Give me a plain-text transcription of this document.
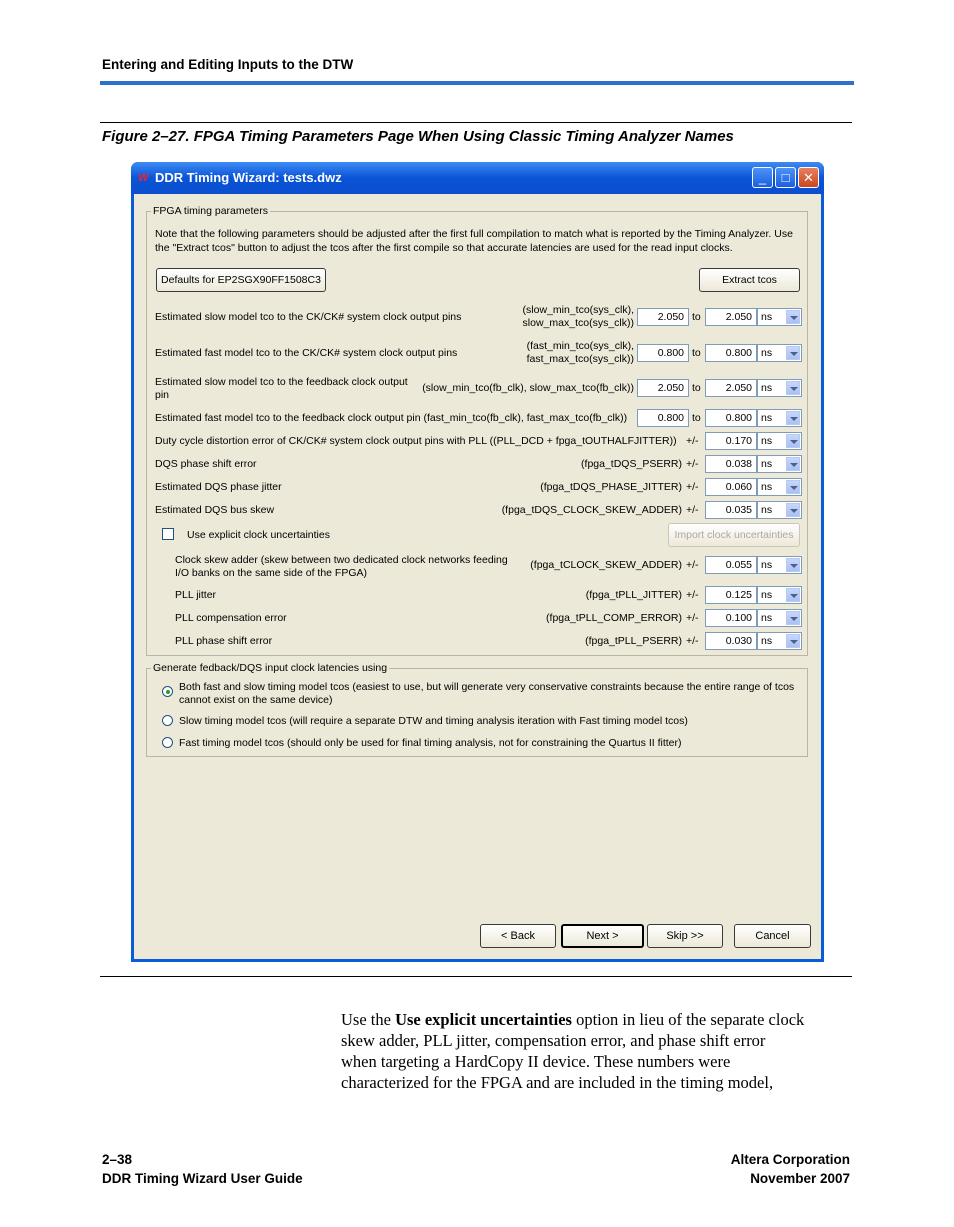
Entering and Editing Inputs to the DTW
Figure 2–27. FPGA Timing Parameters Page When Using Classic Timing Analyzer Names
W DDR Timing Wizard: tests.dwz	_	□	✕
FPGA timing parameters
Note that the following parameters should be adjusted after the first full compilation to match what is reported by the Timing Analyzer. Use the "Extract tcos" button to adjust the tcos after the first compile so that accurate latencies are used for the read input clocks.
Defaults for EP2SGX90FF1508C3	Extract tcos
Estimated slow model tco to the CK/CK# system clock output pins
(slow_min_tco(sys_clk),
slow_max_tco(sys_clk))	2.050 to	2.050 ns
Estimated fast model tco to the CK/CK# system clock output pins
(fast_min_tco(sys_clk),
fast_max_tco(sys_clk))	0.800 to	0.800 ns
Estimated slow model tco to the feedback clock output
pin
(slow_min_tco(fb_clk), slow_max_tco(fb_clk))	2.050 to	2.050 ns
Estimated fast model tco to the feedback clock output pin (fast_min_tco(fb_clk), fast_max_tco(fb_clk))	0.800 to	0.800 ns
Duty cycle distortion error of CK/CK# system clock output pins with PLL ((PLL_DCD + fpga_tOUTHALFJITTER)) +/-	0.170 ns
DQS phase shift error	(fpga_tDQS_PSERR) +/-	0.038 ns
Estimated DQS phase jitter	(fpga_tDQS_PHASE_JITTER) +/-	0.060 ns
Estimated DQS bus skew	(fpga_tDQS_CLOCK_SKEW_ADDER) +/-	0.035 ns
Use explicit clock uncertainties	Import clock uncertainties
Clock skew adder (skew between two dedicated clock networks feeding
I/O banks on the same side of the FPGA)
(fpga_tCLOCK_SKEW_ADDER) +/-	0.055 ns
PLL jitter	(fpga_tPLL_JITTER) +/-	0.125 ns
PLL compensation error	(fpga_tPLL_COMP_ERROR) +/-	0.100 ns
PLL phase shift error	(fpga_tPLL_PSERR) +/-	0.030 ns
Generate fedback/DQS input clock latencies using
Both fast and slow timing model tcos (easiest to use, but will generate very conservative constraints because the entire range of tcos
cannot exist on the same device)
Slow timing model tcos (will require a separate DTW and timing analysis iteration with Fast timing model tcos)
Fast timing model tcos (should only be used for final timing analysis, not for constraining the Quartus II fitter)
< Back	Next >	Skip >>	Cancel
Use the Use explicit uncertainties option in lieu of the separate clock
skew adder, PLL jitter, compensation error, and phase shift error
when targeting a HardCopy II device. These numbers were
characterized for the FPGA and are included in the timing model,
2–38
DDR Timing Wizard User Guide
Altera Corporation
November 2007
